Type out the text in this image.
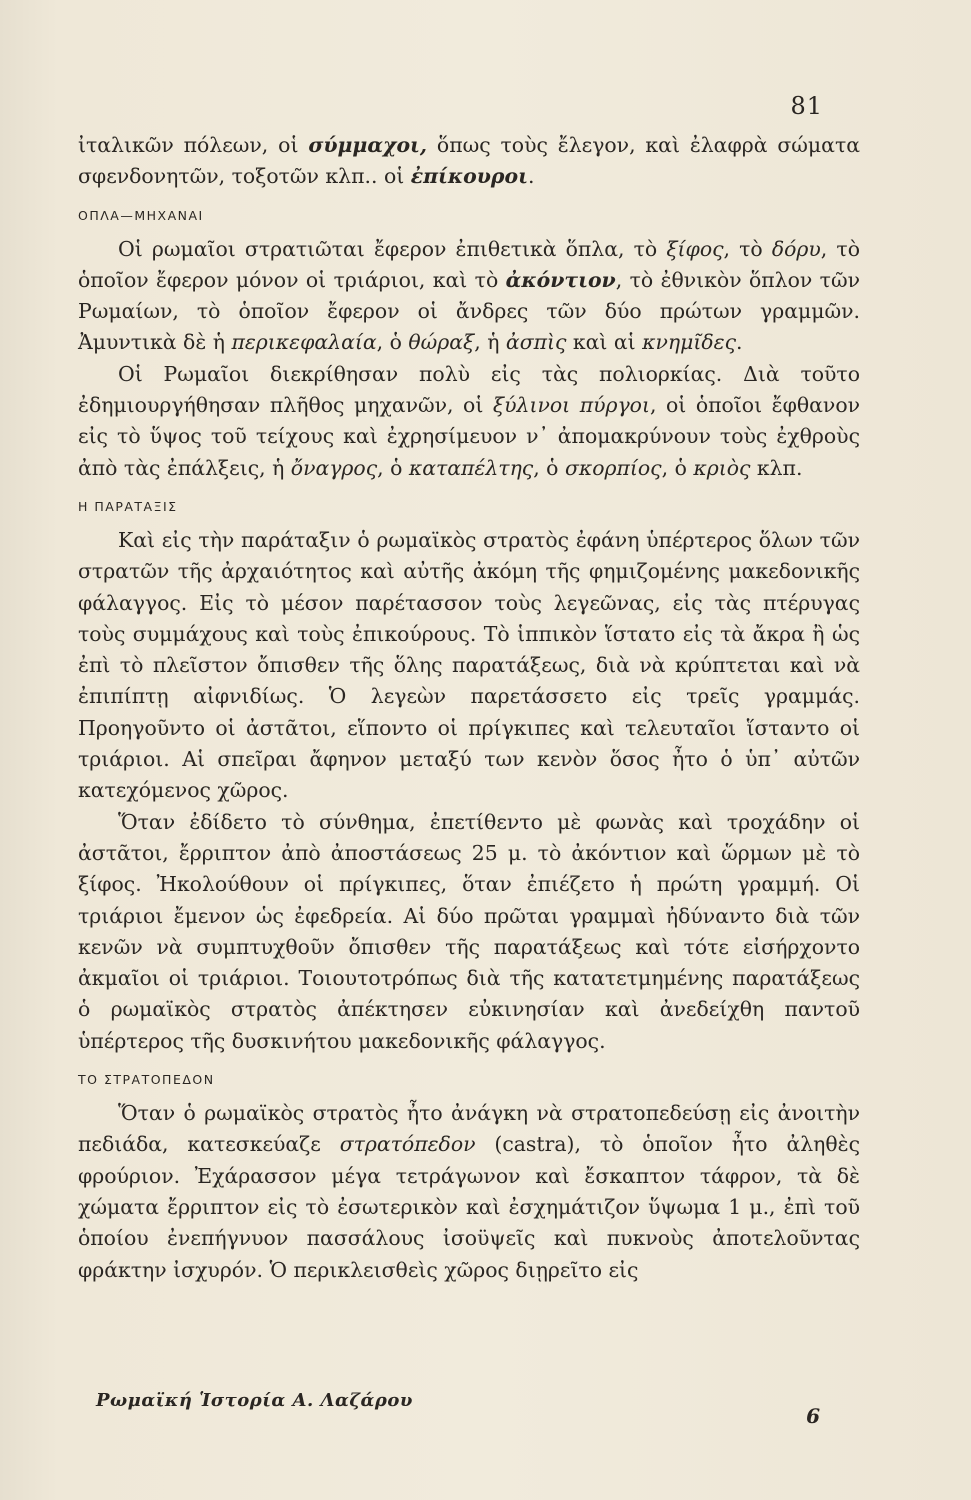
81

ἰταλικῶν πόλεων, οἱ σύμμαχοι, ὅπως τοὺς ἔλεγον, καὶ ἐλαφρὰ σώματα σφενδονητῶν, τοξοτῶν κλπ.. οἱ ἐπίκουροι.

ΟΠΛΑ—ΜΗΧΑΝΑΙ

Οἱ ρωμαῖοι στρατιῶται ἔφερον ἐπιθετικὰ ὅπλα, τὸ ξίφος, τὸ δόρυ, τὸ ὁποῖον ἔφερον μόνον οἱ τριάριοι, καὶ τὸ ἀκόντιον, τὸ ἐθνικὸν ὅπλον τῶν Ρωμαίων, τὸ ὁποῖον ἔφερον οἱ ἄνδρες τῶν δύο πρώτων γραμμῶν. Ἀμυντικὰ δὲ ἡ περικεφαλαία, ὁ θώραξ, ἡ ἀσπὶς καὶ αἱ κνημῖδες.

Οἱ Ρωμαῖοι διεκρίθησαν πολὺ εἰς τὰς πολιορκίας. Διὰ τοῦτο ἐδημιουργήθησαν πλῆθος μηχανῶν, οἱ ξύλινοι πύργοι, οἱ ὁποῖοι ἔφθανον εἰς τὸ ὕψος τοῦ τείχους καὶ ἐχρησίμευον ν᾽ ἀπομακρύνουν τοὺς ἐχθροὺς ἀπὸ τὰς ἐπάλξεις, ἡ ὄναγρος, ὁ καταπέλτης, ὁ σκορπίος, ὁ κριὸς κλπ.

Η ΠΑΡΑΤΑΞΙΣ

Καὶ εἰς τὴν παράταξιν ὁ ρωμαϊκὸς στρατὸς ἐφάνη ὑπέρτερος ὅλων τῶν στρατῶν τῆς ἀρχαιότητος καὶ αὐτῆς ἀκόμη τῆς φημιζομένης μακεδονικῆς φάλαγγος. Εἰς τὸ μέσον παρέτασσον τοὺς λεγεῶνας, εἰς τὰς πτέρυγας τοὺς συμμάχους καὶ τοὺς ἐπικούρους. Τὸ ἱππικὸν ἵστατο εἰς τὰ ἄκρα ἢ ὡς ἐπὶ τὸ πλεῖστον ὄπισθεν τῆς ὅλης παρατάξεως, διὰ νὰ κρύπτεται καὶ νὰ ἐπιπίπτῃ αἰφνιδίως. Ὁ λεγεὼν παρετάσσετο εἰς τρεῖς γραμμάς. Προηγοῦντο οἱ ἀστᾶτοι, εἵποντο οἱ πρίγκιπες καὶ τελευταῖοι ἵσταντο οἱ τριάριοι. Αἱ σπεῖραι ἄφηνον μεταξύ των κενὸν ὅσος ἦτο ὁ ὑπ᾽ αὐτῶν κατεχόμενος χῶρος.

Ὅταν ἐδίδετο τὸ σύνθημα, ἐπετίθεντο μὲ φωνὰς καὶ τροχάδην οἱ ἀστᾶτοι, ἔρριπτον ἀπὸ ἀποστάσεως 25 μ. τὸ ἀκόντιον καὶ ὥρμων μὲ τὸ ξίφος. Ἠκολούθουν οἱ πρίγκιπες, ὅταν ἐπιέζετο ἡ πρώτη γραμμή. Οἱ τριάριοι ἔμενον ὡς ἐφεδρεία. Αἱ δύο πρῶται γραμμαὶ ἠδύναντο διὰ τῶν κενῶν νὰ συμπτυχθοῦν ὄπισθεν τῆς παρατάξεως καὶ τότε εἰσήρχοντο ἀκμαῖοι οἱ τριάριοι. Τοιουτοτρόπως διὰ τῆς κατατετμημένης παρατάξεως ὁ ρωμαϊκὸς στρατὸς ἀπέκτησεν εὐκινησίαν καὶ ἀνεδείχθη παντοῦ ὑπέρτερος τῆς δυσκινήτου μακεδονικῆς φάλαγγος.

ΤΟ ΣΤΡΑΤΟΠΕΔΟΝ

Ὅταν ὁ ρωμαϊκὸς στρατὸς ἦτο ἀνάγκη νὰ στρατοπεδεύσῃ εἰς ἀνοιτὴν πεδιάδα, κατεσκεύαζε στρατόπεδον (castra), τὸ ὁποῖον ἦτο ἀληθὲς φρούριον. Ἐχάρασσον μέγα τετράγωνον καὶ ἔσκαπτον τάφρον, τὰ δὲ χώματα ἔρριπτον εἰς τὸ ἐσωτερικὸν καὶ ἐσχημάτιζον ὕψωμα 1 μ., ἐπὶ τοῦ ὁποίου ἐνεπήγνυον πασσάλους ἰσοϋψεῖς καὶ πυκνοὺς ἀποτελοῦντας φράκτην ἰσχυρόν. Ὁ περικλεισθεὶς χῶρος διῃρεῖτο εἰς

Ρωμαϊκή Ἱστορία Α. Λαζάρου
6
